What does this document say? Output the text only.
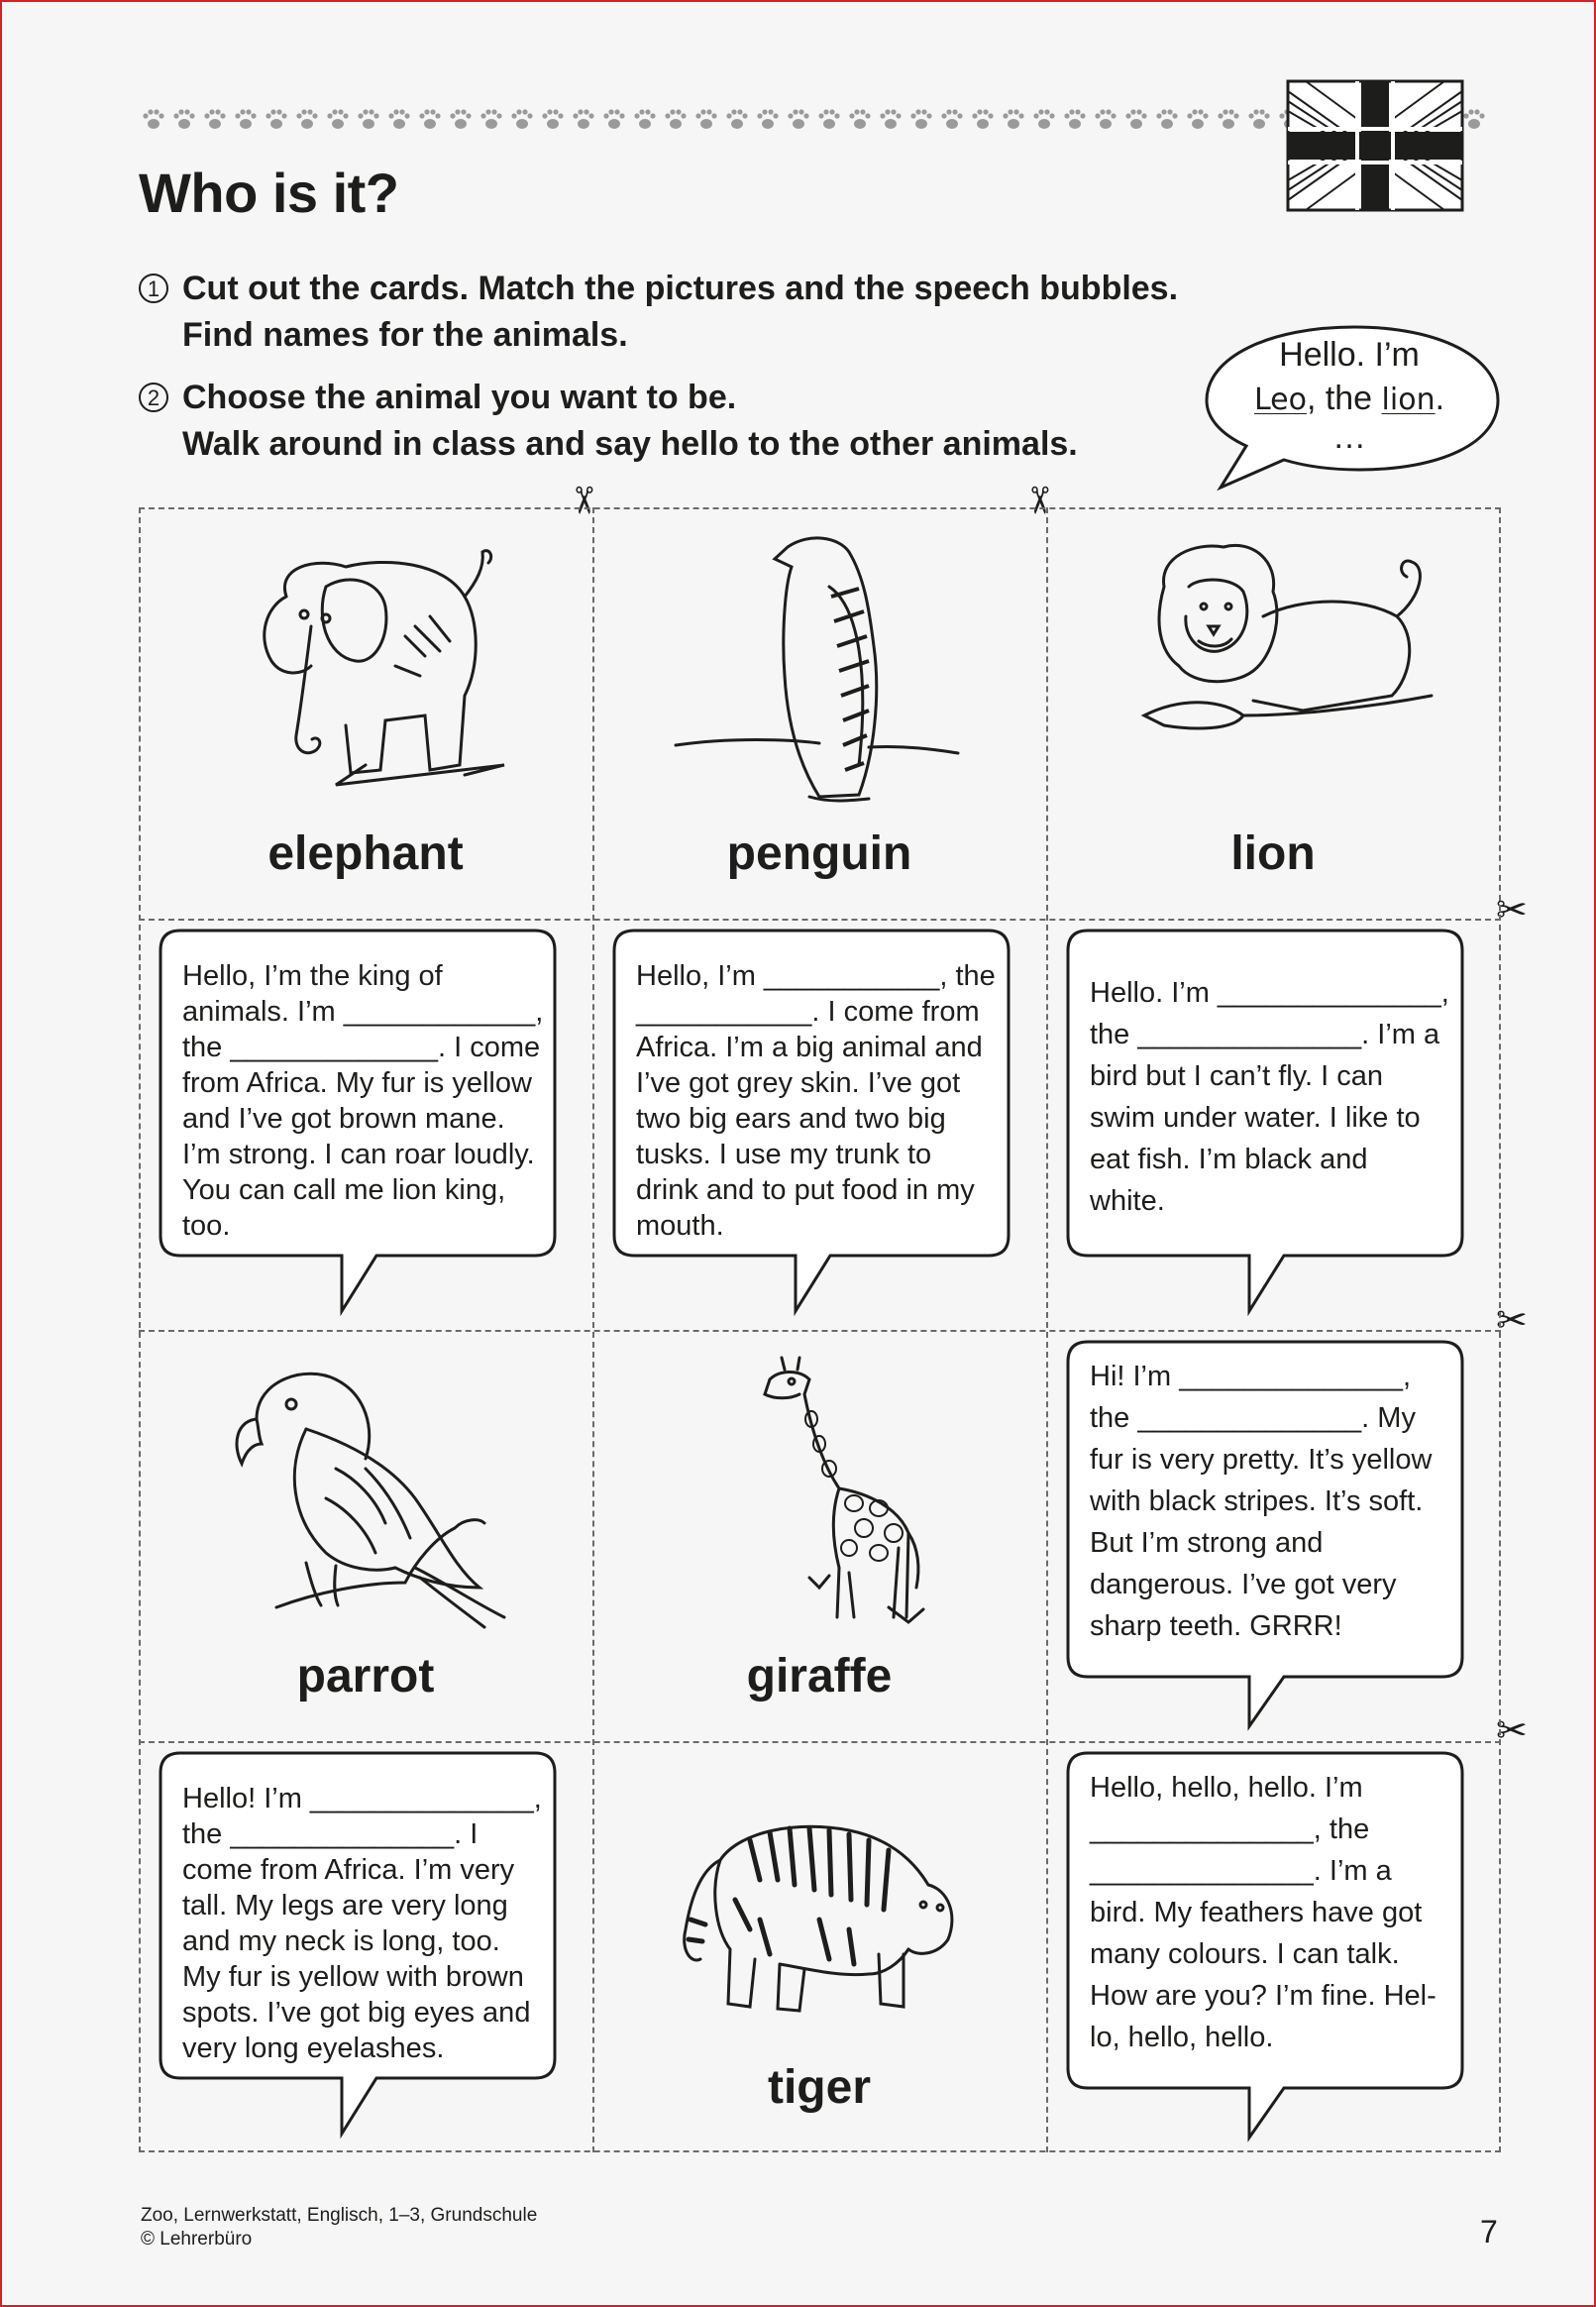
Who is it?
1 Cut out the cards. Match the pictures and the speech bubbles.
Find names for the animals.
2 Choose the animal you want to be.
Walk around in class and say hello to the other animals.
Hello. I’m
Leo, the lion.
…
✂	✂
✂
✂
✂
elephant	penguin	lion
Hello, I’m the king of
animals. I’m ____________,
the _____________. I come
from Africa. My fur is yellow
and I’ve got brown mane.
I’m strong. I can roar loudly.
You can call me lion king,
too.
Hello, I’m ___________, the
___________. I come from
Africa. I’m a big animal and
I’ve got grey skin. I’ve got
two big ears and two big
tusks. I use my trunk to
drink and to put food in my
mouth.
Hello. I’m ______________,
the ______________. I’m a
bird but I can’t fly. I can
swim under water. I like to
eat fish. I’m black and
white.
parrot	giraffe
Hi! I’m ______________,
the ______________. My
fur is very pretty. It’s yellow
with black stripes. It’s soft.
But I’m strong and
dangerous. I’ve got very
sharp teeth. GRRR!
Hello! I’m ______________,
the ______________. I
come from Africa. I’m very
tall. My legs are very long
and my neck is long, too.
My fur is yellow with brown
spots. I’ve got big eyes and
very long eyelashes.
tiger
Hello, hello, hello. I’m
______________, the
______________. I’m a
bird. My feathers have got
many colours. I can talk.
How are you? I’m fine. Hel-
lo, hello, hello.
Zoo, Lernwerkstatt, Englisch, 1–3, Grundschule
© Lehrerbüro	7
